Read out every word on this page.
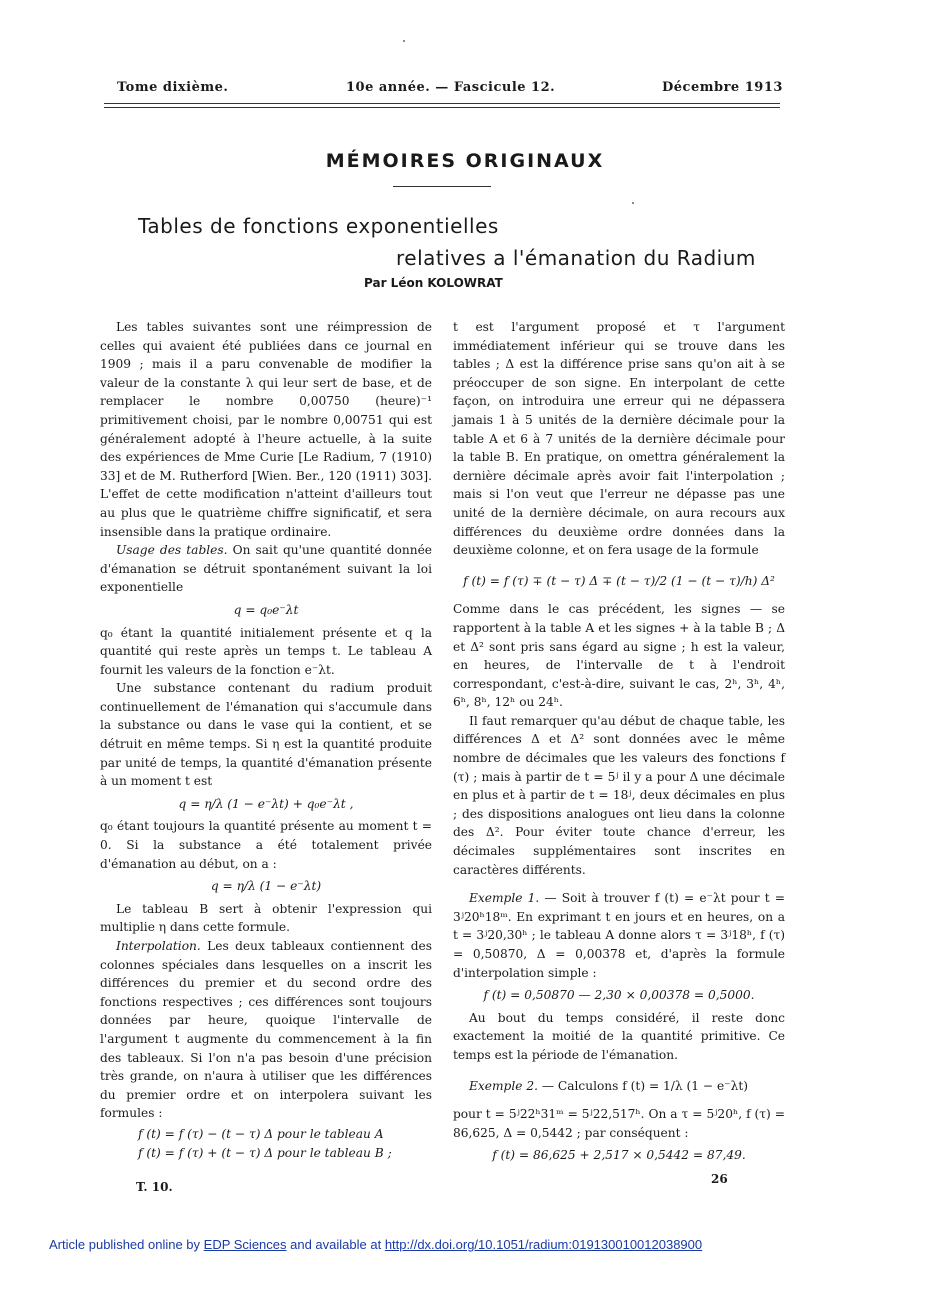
Tome dixième.	10e année. — Fascicule 12.	Décembre 1913
MÉMOIRES ORIGINAUX
Tables de fonctions exponentielles
relatives a l'émanation du Radium
Par Léon KOLOWRAT

Les tables suivantes sont une réimpression de celles qui avaient été publiées dans ce journal en 1909 ; mais il a paru convenable de modifier la valeur de la constante λ qui leur sert de base, et de remplacer le nombre 0,00750 (heure)⁻¹ primitivement choisi, par le nombre 0,00751 qui est généralement adopté à l'heure actuelle, à la suite des expériences de Mme Curie [Le Radium, 7 (1910) 33] et de M. Rutherford [Wien. Ber., 120 (1911) 303]. L'effet de cette modification n'atteint d'ailleurs tout au plus que le quatrième chiffre significatif, et sera insensible dans la pratique ordinaire.

Usage des tables. On sait qu'une quantité donnée d'émanation se détruit spontanément suivant la loi exponentielle

q = q₀e⁻λt

q₀ étant la quantité initialement présente et q la quantité qui reste après un temps t. Le tableau A fournit les valeurs de la fonction e⁻λt.

Une substance contenant du radium produit continuellement de l'émanation qui s'accumule dans la substance ou dans le vase qui la contient, et se détruit en même temps. Si η est la quantité produite par unité de temps, la quantité d'émanation présente à un moment t est

q = η/λ (1 − e⁻λt) + q₀e⁻λt ,

q₀ étant toujours la quantité présente au moment t = 0. Si la substance a été totalement privée d'émanation au début, on a :

q = η/λ (1 − e⁻λt)

Le tableau B sert à obtenir l'expression qui multiplie η dans cette formule.

Interpolation. Les deux tableaux contiennent des colonnes spéciales dans lesquelles on a inscrit les différences du premier et du second ordre des fonctions respectives ; ces différences sont toujours données par heure, quoique l'intervalle de l'argument t augmente du commencement à la fin des tableaux. Si l'on n'a pas besoin d'une précision très grande, on n'aura à utiliser que les différences du premier ordre et on interpolera suivant les formules :

f (t) = f (τ) − (t − τ) Δ pour le tableau A
f (t) = f (τ) + (t − τ) Δ pour le tableau B ;

t est l'argument proposé et τ l'argument immédiatement inférieur qui se trouve dans les tables ; Δ est la différence prise sans qu'on ait à se préoccuper de son signe. En interpolant de cette façon, on introduira une erreur qui ne dépassera jamais 1 à 5 unités de la dernière décimale pour la table A et 6 à 7 unités de la dernière décimale pour la table B. En pratique, on omettra généralement la dernière décimale après avoir fait l'interpolation ; mais si l'on veut que l'erreur ne dépasse pas une unité de la dernière décimale, on aura recours aux différences du deuxième ordre données dans la deuxième colonne, et on fera usage de la formule

f (t) = f (τ) ∓ (t − τ) Δ ∓ (t − τ)/2 (1 − (t − τ)/h) Δ²

Comme dans le cas précédent, les signes — se rapportent à la table A et les signes + à la table B ; Δ et Δ² sont pris sans égard au signe ; h est la valeur, en heures, de l'intervalle de t à l'endroit correspondant, c'est-à-dire, suivant le cas, 2ʰ, 3ʰ, 4ʰ, 6ʰ, 8ʰ, 12ʰ ou 24ʰ.

Il faut remarquer qu'au début de chaque table, les différences Δ et Δ² sont données avec le même nombre de décimales que les valeurs des fonctions f (τ) ; mais à partir de t = 5ʲ il y a pour Δ une décimale en plus et à partir de t = 18ʲ, deux décimales en plus ; des dispositions analogues ont lieu dans la colonne des Δ². Pour éviter toute chance d'erreur, les décimales supplémentaires sont inscrites en caractères différents.

Exemple 1. — Soit à trouver f (t) = e⁻λt pour t = 3ʲ20ʰ18ᵐ. En exprimant t en jours et en heures, on a t = 3ʲ20,30ʰ ; le tableau A donne alors τ = 3ʲ18ʰ, f (τ) = 0,50870, Δ = 0,00378 et, d'après la formule d'interpolation simple :

f (t) = 0,50870 — 2,30 × 0,00378 = 0,5000.

Au bout du temps considéré, il reste donc exactement la moitié de la quantité primitive. Ce temps est la période de l'émanation.

Exemple 2. — Calculons f (t) = 1/λ (1 − e⁻λt)

pour t = 5ʲ22ʰ31ᵐ = 5ʲ22,517ʰ. On a τ = 5ʲ20ʰ, f (τ) = 86,625, Δ = 0,5442 ; par conséquent :

f (t) = 86,625 + 2,517 × 0,5442 = 87,49.
T. 10.
26
Article published online by EDP Sciences and available at http://dx.doi.org/10.1051/radium:019130010012038900
